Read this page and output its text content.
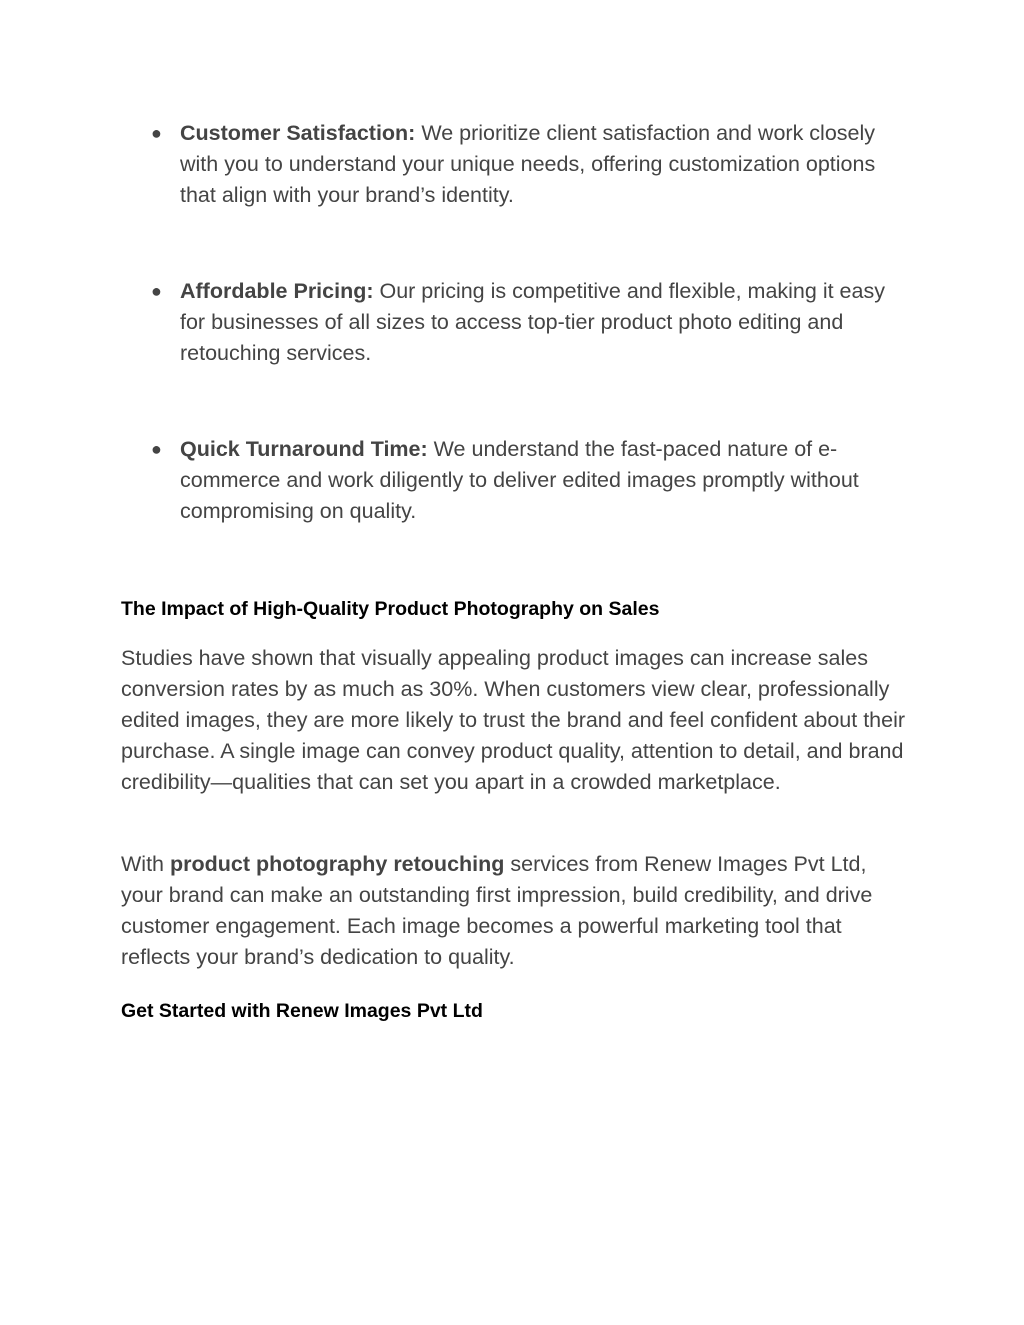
● Customer Satisfaction: We prioritize client satisfaction and work closely with you to understand your unique needs, offering customization options that align with your brand’s identity.
● Affordable Pricing: Our pricing is competitive and flexible, making it easy for businesses of all sizes to access top-tier product photo editing and retouching services.
● Quick Turnaround Time: We understand the fast-paced nature of e-commerce and work diligently to deliver edited images promptly without compromising on quality.
The Impact of High-Quality Product Photography on Sales
Studies have shown that visually appealing product images can increase sales conversion rates by as much as 30%. When customers view clear, professionally edited images, they are more likely to trust the brand and feel confident about their purchase. A single image can convey product quality, attention to detail, and brand credibility—qualities that can set you apart in a crowded marketplace.
With product photography retouching services from Renew Images Pvt Ltd, your brand can make an outstanding first impression, build credibility, and drive customer engagement. Each image becomes a powerful marketing tool that reflects your brand’s dedication to quality.
Get Started with Renew Images Pvt Ltd
